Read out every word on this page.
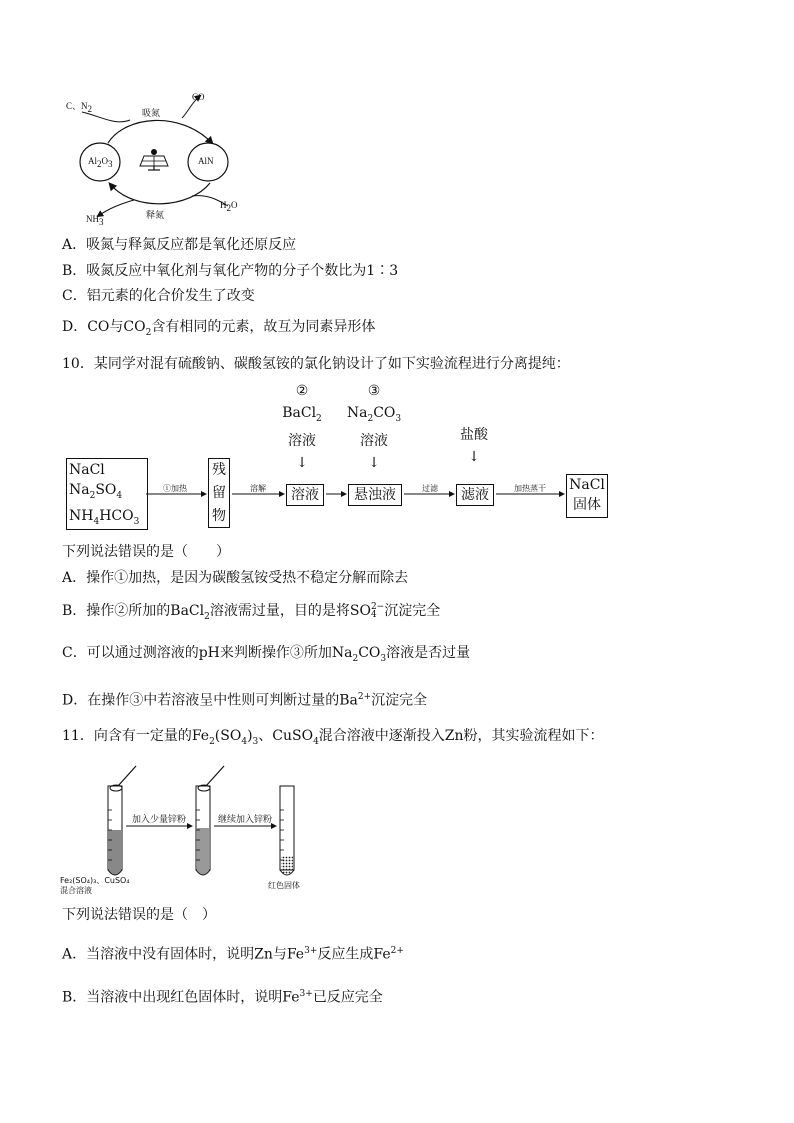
C、$N_2$
CO
吸氮
$Al_2O_3$	AlN
$NH_3$
释氮
$H_2O$
A．吸氮与释氮反应都是氧化还原反应
B．吸氮反应中氧化剂与氧化产物的分子个数比为1∶3
C．铝元素的化合价发生了改变
D．CO与$CO_2$含有相同的元素，故互为同素异形体
10．某同学对混有硫酸钠、碳酸氢铵的氯化钠设计了如下实验流程进行分离提纯：
②
BaCl$_2$
溶液
↓
③
$Na_2CO_3$
溶液
↓
盐酸
↓
NaCl
$Na_2SO_4$
$NH_4HCO_3$
残
留
物
溶液	悬浊液	滤液
NaCl
固体
①加热	溶解	过滤	加热蒸干
下列说法错误的是（　　）
A．操作①加热，是因为碳酸氢铵受热不稳定分解而除去
B．操作②所加的BaCl$_2$溶液需过量，目的是将SO 2−
4 沉淀完全
C．可以通过测溶液的pH来判断操作③所加$Na_2CO_3$溶液是否过量
D．在操作③中若溶液呈中性则可判断过量的$Ba^{2+}$沉淀完全
11．向含有一定量的$Fe_2(SO_4)_3$、CuSO$_4$混合溶液中逐渐投入Zn粉，其实验流程如下：
加入少量锌粉	继续加入锌粉
Fe₂(SO₄)₃、CuSO₄
混合溶液
红色固体
下列说法错误的是（　）
A．当溶液中没有固体时，说明Zn与$Fe^{3+}$反应生成$Fe^{2+}$
B．当溶液中出现红色固体时，说明$Fe^{3+}$已反应完全
